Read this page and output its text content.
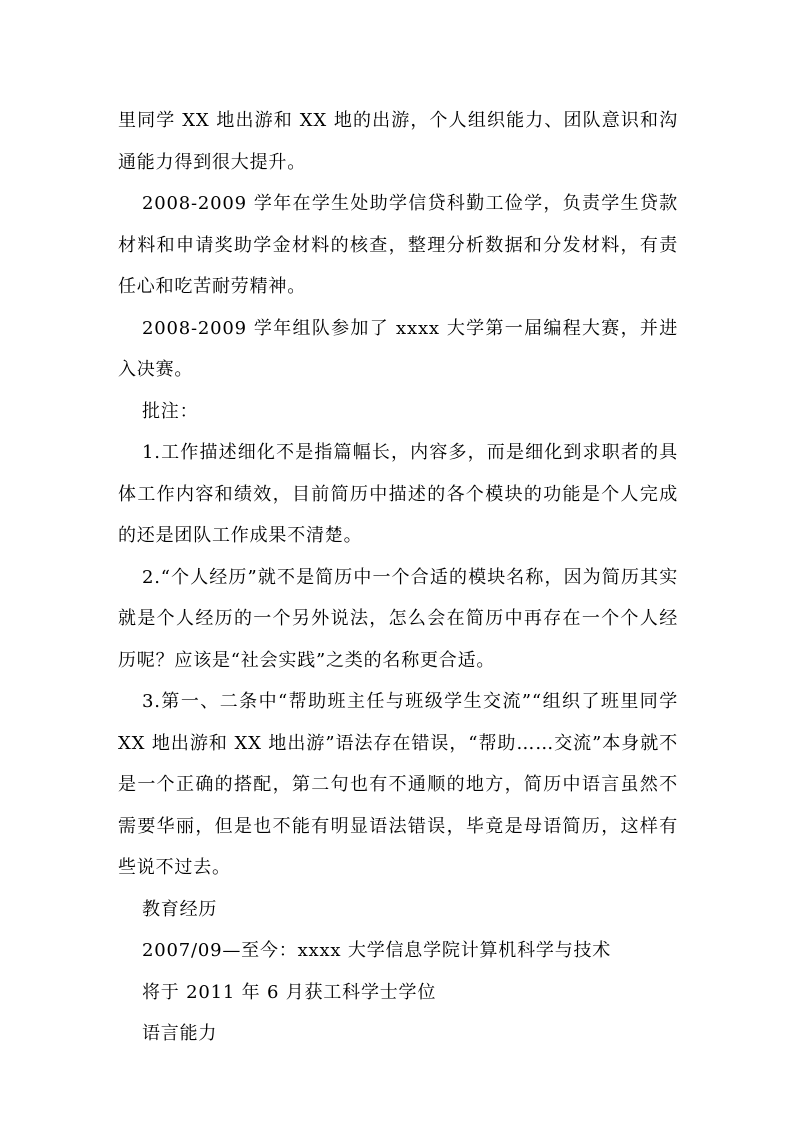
里同学 XX 地出游和 XX 地的出游，个人组织能力、团队意识和沟通能力得到很大提升。

2008-2009 学年在学生处助学信贷科勤工俭学，负责学生贷款材料和申请奖助学金材料的核查，整理分析数据和分发材料，有责任心和吃苦耐劳精神。

2008-2009 学年组队参加了 xxxx 大学第一届编程大赛，并进入决赛。

批注：

1.工作描述细化不是指篇幅长，内容多，而是细化到求职者的具体工作内容和绩效，目前简历中描述的各个模块的功能是个人完成的还是团队工作成果不清楚。

2.“个人经历”就不是简历中一个合适的模块名称，因为简历其实就是个人经历的一个另外说法，怎么会在简历中再存在一个个人经历呢？应该是“社会实践”之类的名称更合适。

3.第一、二条中“帮助班主任与班级学生交流”“组织了班里同学 XX 地出游和 XX 地出游”语法存在错误，“帮助……交流”本身就不是一个正确的搭配，第二句也有不通顺的地方，简历中语言虽然不需要华丽，但是也不能有明显语法错误，毕竟是母语简历，这样有些说不过去。

教育经历

2007/09—至今：xxxx 大学信息学院计算机科学与技术

将于 2011 年 6 月获工科学士学位

语言能力
